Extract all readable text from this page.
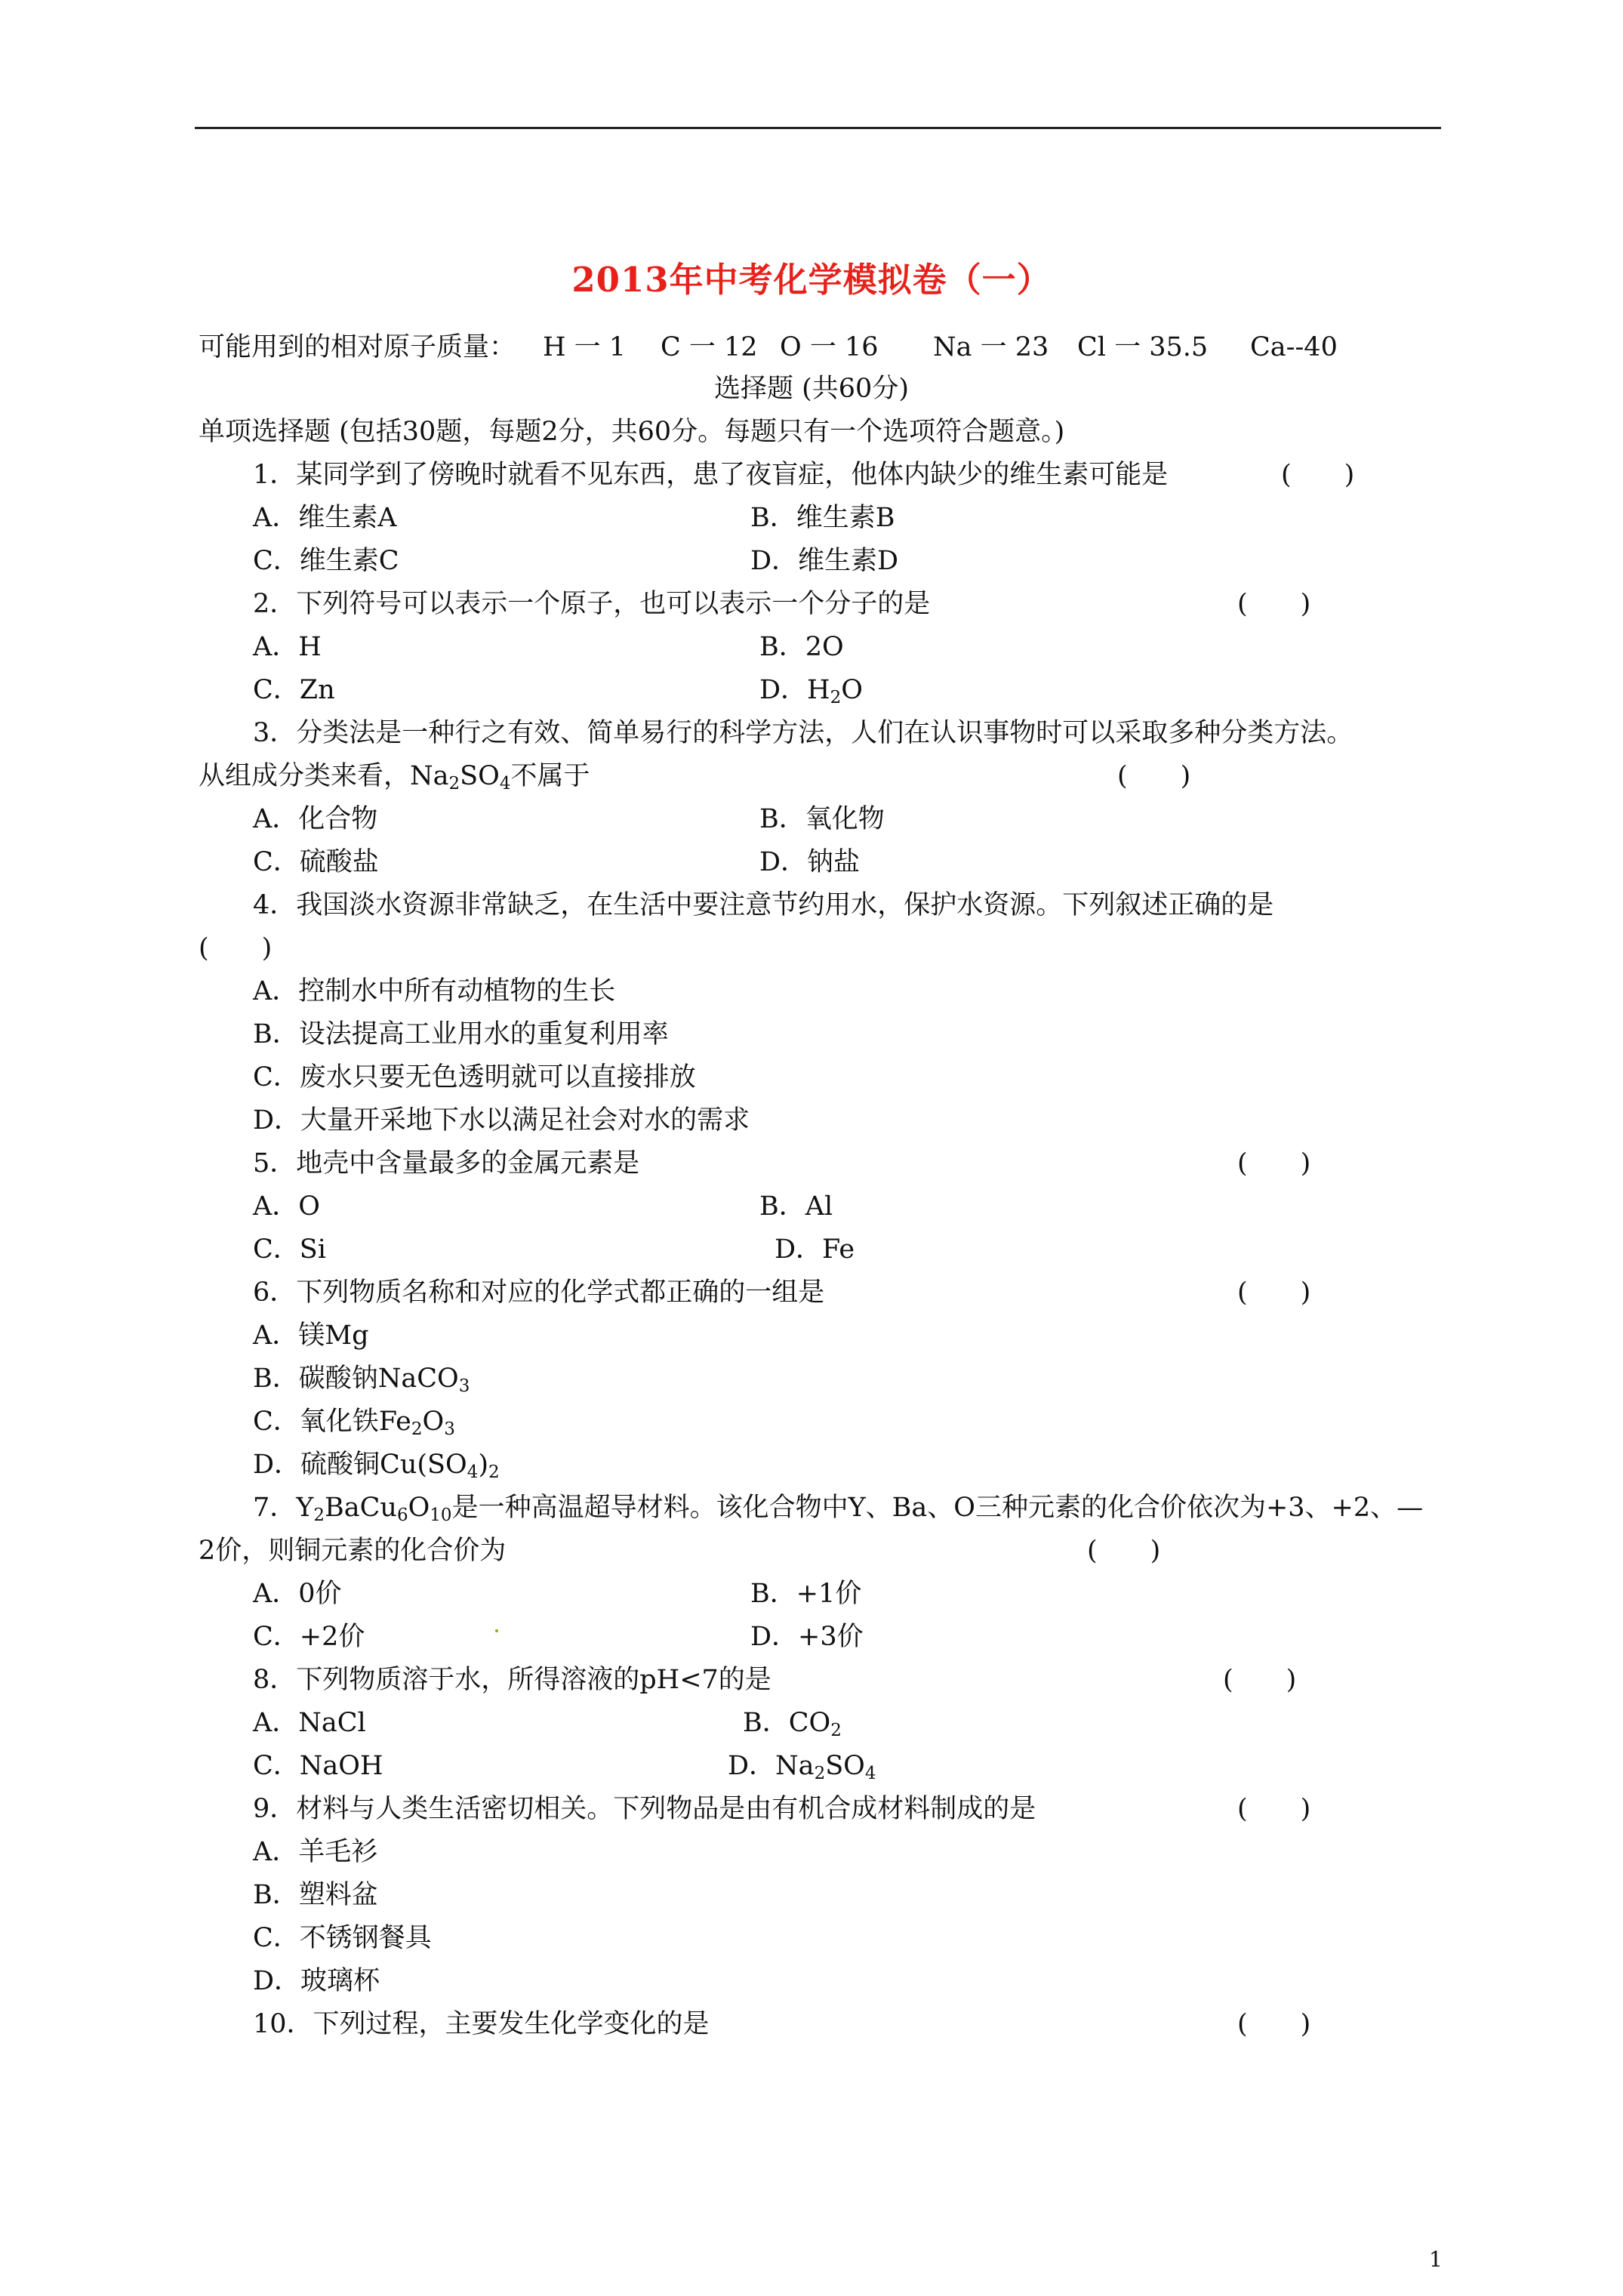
2013年中考化学模拟卷（一）
可能用到的相对原子质量： H 一 1 C 一 12 O 一 16 Na 一 23 Cl 一 35.5 Ca--40
选择题 (共60分)
单项选择题 (包括30题，每题2分，共60分。每题只有一个选项符合题意。)
1．某同学到了傍晚时就看不见东西，患了夜盲症，他体内缺少的维生素可能是	(　　)
A．维生素A	B．维生素B
C．维生素C	D．维生素D
2．下列符号可以表示一个原子，也可以表示一个分子的是	(　　)
A．H	B．2O
C．Zn	D．$H_2O$
3．分类法是一种行之有效、简单易行的科学方法，人们在认识事物时可以采取多种分类方法。
从组成分类来看，$Na_2SO_4$不属于	(　　)
A．化合物	B．氧化物
C．硫酸盐	D．钠盐
4．我国淡水资源非常缺乏，在生活中要注意节约用水，保护水资源。下列叙述正确的是
(　　)
A．控制水中所有动植物的生长
B．设法提高工业用水的重复利用率
C．废水只要无色透明就可以直接排放
D．大量开采地下水以满足社会对水的需求
5．地壳中含量最多的金属元素是	(　　)
A．O	B．Al
C．Si	D．Fe
6．下列物质名称和对应的化学式都正确的一组是	(　　)
A．镁Mg
B．碳酸钠NaCO$_3$
C．氧化铁$Fe_2O_3$
D．硫酸铜$Cu(SO_4)_2$
7．$Y_2BaCu_6O_{10}$是一种高温超导材料。该化合物中Y、Ba、O三种元素的化合价依次为+3、+2、—
2价，则铜元素的化合价为	(　　)
A．0价	B．+1价
C．+2价	D．+3价
8．下列物质溶于水，所得溶液的pH<7的是	(　　)
A．NaCl	B．$CO_2$
C．NaOH	D．$Na_2SO_4$
9．材料与人类生活密切相关。下列物品是由有机合成材料制成的是	(　　)
A．羊毛衫
B．塑料盆
C．不锈钢餐具
D．玻璃杯
10．下列过程，主要发生化学变化的是	(　　)
1
